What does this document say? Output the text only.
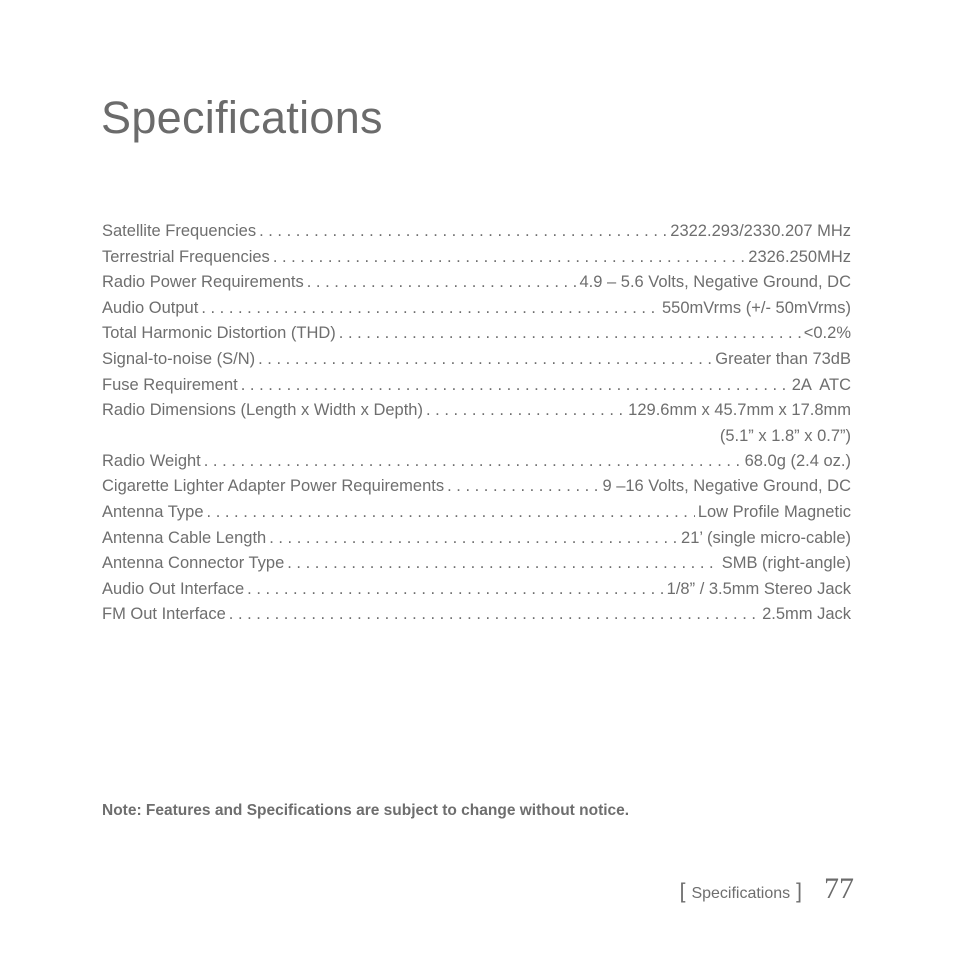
Specifications
Satellite Frequencies . . .	2322.293/2330.207 MHz
Terrestrial Frequencies . . .	2326.250MHz
Radio Power Requirements . . .	4.9 – 5.6 Volts, Negative Ground, DC
Audio Output . . .	550mVrms (+/- 50mVrms)
Total Harmonic Distortion (THD) . . .	<0.2%
Signal-to-noise (S/N) . . .	Greater than 73dB
Fuse Requirement . . .	2A  ATC
Radio Dimensions (Length x Width x Depth) . . .	129.6mm x 45.7mm x 17.8mm
(5.1” x 1.8” x 0.7”)
Radio Weight . . .	68.0g (2.4 oz.)
Cigarette Lighter Adapter Power Requirements . . .	9 –16 Volts, Negative Ground, DC
Antenna Type . . .	Low Profile Magnetic
Antenna Cable Length . . .	21’ (single micro-cable)
Antenna Connector Type . . .	SMB (right-angle)
Audio Out Interface . . .	1/8” / 3.5mm Stereo Jack
FM Out Interface . . .	2.5mm Jack

Note: Features and Specifications are subject to change without notice.

[ Specifications ] 77
